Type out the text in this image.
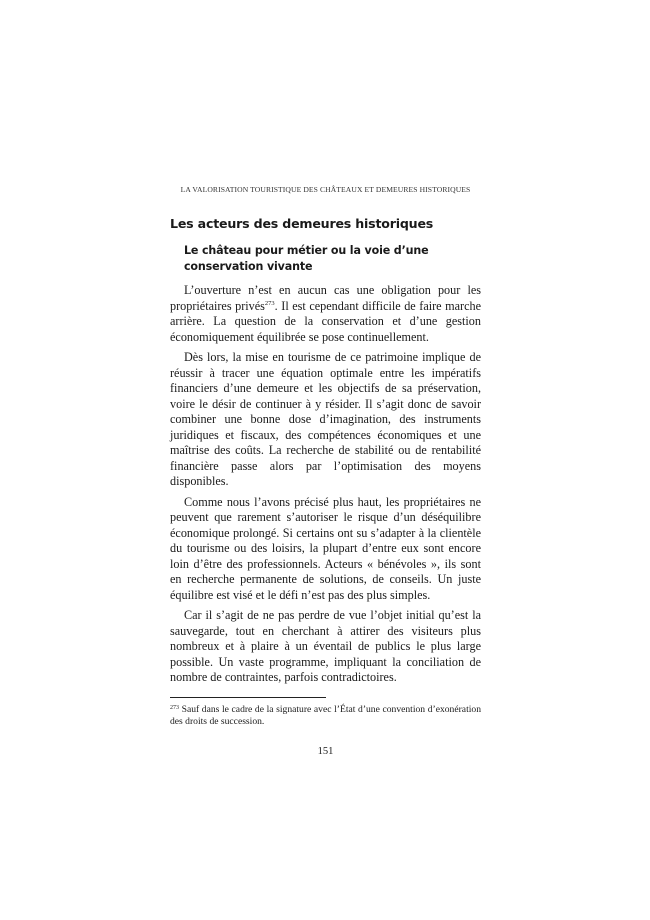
LA VALORISATION TOURISTIQUE DES CHÂTEAUX ET DEMEURES HISTORIQUES
Les acteurs des demeures historiques
Le château pour métier ou la voie d’une conservation vivante

L’ouverture n’est en aucun cas une obligation pour les propriétaires privés$^{273}$. Il est cependant difficile de faire marche arrière. La question de la conservation et d’une gestion économiquement équilibrée se pose continuellement.

Dès lors, la mise en tourisme de ce patrimoine implique de réussir à tracer une équation optimale entre les impératifs financiers d’une demeure et les objectifs de sa préservation, voire le désir de continuer à y résider. Il s’agit donc de savoir combiner une bonne dose d’imagination, des instruments juridiques et fiscaux, des compétences économiques et une maîtrise des coûts. La recherche de stabilité ou de rentabilité financière passe alors par l’optimisation des moyens disponibles.

Comme nous l’avons précisé plus haut, les propriétaires ne peuvent que rarement s’autoriser le risque d’un déséquilibre économique prolongé. Si certains ont su s’adapter à la clientèle du tourisme ou des loisirs, la plupart d’entre eux sont encore loin d’être des professionnels. Acteurs « bénévoles », ils sont en recherche permanente de solutions, de conseils. Un juste équilibre est visé et le défi n’est pas des plus simples.

Car il s’agit de ne pas perdre de vue l’objet initial qu’est la sauvegarde, tout en cherchant à attirer des visiteurs plus nombreux et à plaire à un éventail de publics le plus large possible. Un vaste programme, impliquant la conciliation de nombre de contraintes, parfois contradictoires.

$^{273}$ Sauf dans le cadre de la signature avec l’État d’une convention d’exonération des droits de succession.
151
